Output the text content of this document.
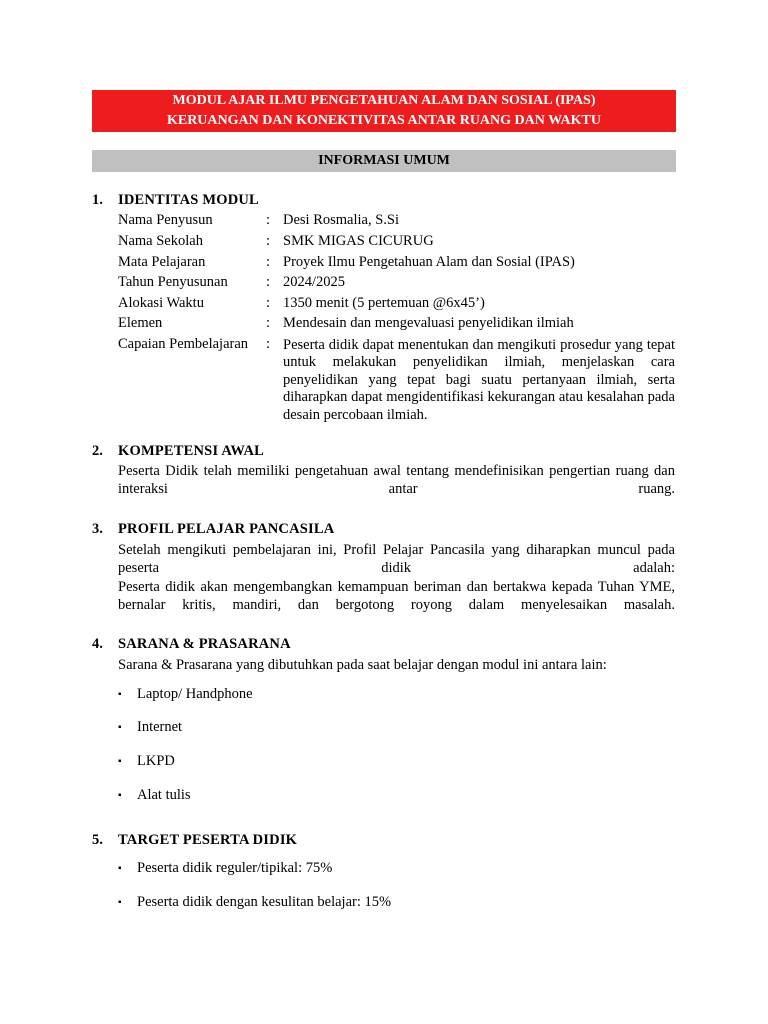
MODUL AJAR ILMU PENGETAHUAN ALAM DAN SOSIAL (IPAS)
KERUANGAN DAN KONEKTIVITAS ANTAR RUANG DAN WAKTU
INFORMASI UMUM
1. IDENTITAS MODUL
Nama Penyusun	: Desi Rosmalia, S.Si
Nama Sekolah	: SMK MIGAS CICURUG
Mata Pelajaran	: Proyek Ilmu Pengetahuan Alam dan Sosial (IPAS)
Tahun Penyusunan	: 2024/2025
Alokasi Waktu	: 1350 menit (5 pertemuan @6x45’)
Elemen	: Mendesain dan mengevaluasi penyelidikan ilmiah
Capaian Pembelajaran : Peserta didik dapat menentukan dan mengikuti prosedur yang tepat untuk melakukan penyelidikan ilmiah, menjelaskan cara penyelidikan yang tepat bagi suatu pertanyaan ilmiah, serta diharapkan dapat mengidentifikasi kekurangan atau kesalahan pada desain percobaan ilmiah.
2. KOMPETENSI AWAL
Peserta Didik telah memiliki pengetahuan awal tentang mendefinisikan pengertian ruang dan interaksi antar ruang.
3. PROFIL PELAJAR PANCASILA
Setelah mengikuti pembelajaran ini, Profil Pelajar Pancasila yang diharapkan muncul pada peserta didik adalah:
Peserta didik akan mengembangkan kemampuan beriman dan bertakwa kepada Tuhan YME, bernalar kritis, mandiri, dan bergotong royong dalam menyelesaikan masalah.
4. SARANA & PRASARANA
Sarana & Prasarana yang dibutuhkan pada saat belajar dengan modul ini antara lain:
▪ Laptop/ Handphone
▪ Internet
▪ LKPD
▪ Alat tulis
5. TARGET PESERTA DIDIK
▪ Peserta didik reguler/tipikal: 75%
▪ Peserta didik dengan kesulitan belajar: 15%
